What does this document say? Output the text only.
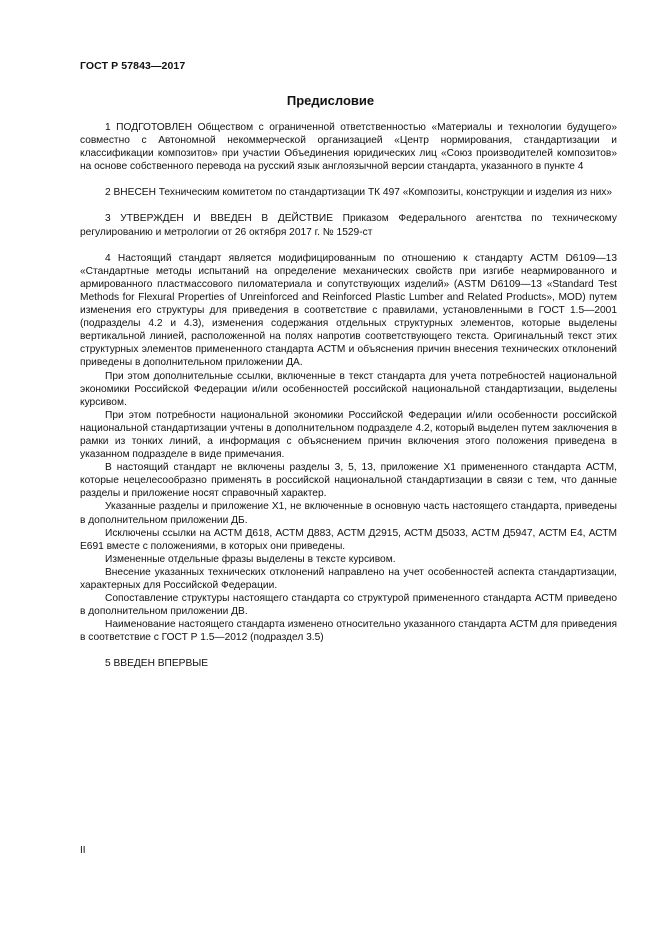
ГОСТ Р 57843—2017
Предисловие

1 ПОДГОТОВЛЕН Обществом с ограниченной ответственностью «Материалы и технологии будущего» совместно с Автономной некоммерческой организацией «Центр нормирования, стандартизации и классификации композитов» при участии Объединения юридических лиц «Союз производителей композитов» на основе собственного перевода на русский язык англоязычной версии стандарта, указанного в пункте 4

2 ВНЕСЕН Техническим комитетом по стандартизации ТК 497 «Композиты, конструкции и изделия из них»

3 УТВЕРЖДЕН И ВВЕДЕН В ДЕЙСТВИЕ Приказом Федерального агентства по техническому регулированию и метрологии от 26 октября 2017 г. № 1529-ст

4 Настоящий стандарт является модифицированным по отношению к стандарту АСТМ D6109—13 «Стандартные методы испытаний на определение механических свойств при изгибе неармированного и армированного пластмассового пиломатериала и сопутствующих изделий» (ASTM D6109—13 «Standard Test Methods for Flexural Properties of Unreinforced and Reinforced Plastic Lumber and Related Products», MOD) путем изменения его структуры для приведения в соответствие с правилами, установленными в ГОСТ 1.5—2001 (подразделы 4.2 и 4.3), изменения содержания отдельных структурных элементов, которые выделены вертикальной линией, расположенной на полях напротив соответствующего текста. Оригинальный текст этих структурных элементов примененного стандарта АСТМ и объяснения причин внесения технических отклонений приведены в дополнительном приложении ДА.

При этом дополнительные ссылки, включенные в текст стандарта для учета потребностей национальной экономики Российской Федерации и/или особенностей российской национальной стандартизации, выделены курсивом.

При этом потребности национальной экономики Российской Федерации и/или особенности российской национальной стандартизации учтены в дополнительном подразделе 4.2, который выделен путем заключения в рамки из тонких линий, а информация с объяснением причин включения этого положения приведена в указанном подразделе в виде примечания.

В настоящий стандарт не включены разделы 3, 5, 13, приложение X1 примененного стандарта АСТМ, которые нецелесообразно применять в российской национальной стандартизации в связи с тем, что данные разделы и приложение носят справочный характер.

Указанные разделы и приложение X1, не включенные в основную часть настоящего стандарта, приведены в дополнительном приложении ДБ.

Исключены ссылки на АСТМ Д618, АСТМ Д883, АСТМ Д2915, АСТМ Д5033, АСТМ Д5947, АСТМ E4, АСТМ E691 вместе с положениями, в которых они приведены.

Измененные отдельные фразы выделены в тексте курсивом.

Внесение указанных технических отклонений направлено на учет особенностей аспекта стандартизации, характерных для Российской Федерации.

Сопоставление структуры настоящего стандарта со структурой примененного стандарта АСТМ приведено в дополнительном приложении ДВ.

Наименование настоящего стандарта изменено относительно указанного стандарта АСТМ для приведения в соответствие с ГОСТ Р 1.5—2012 (подраздел 3.5)

5 ВВЕДЕН ВПЕРВЫЕ

II
